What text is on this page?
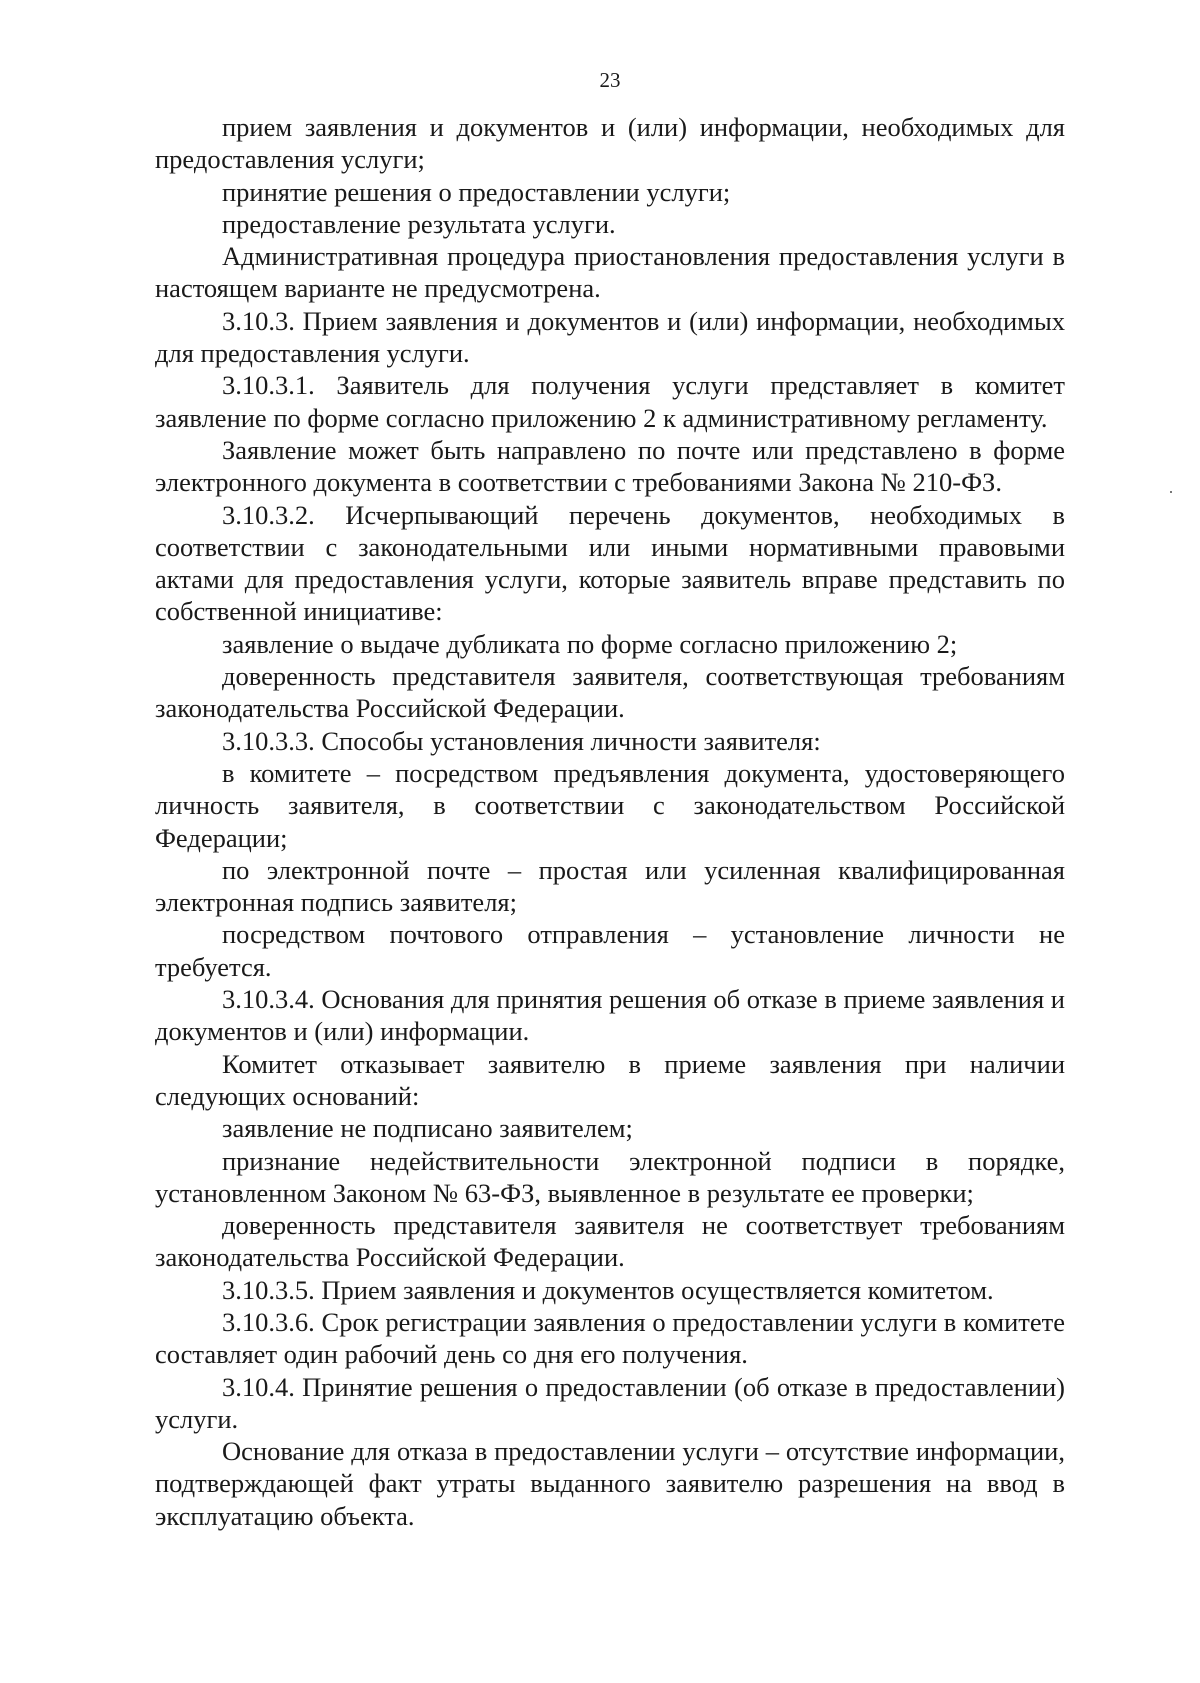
23

прием заявления и документов и (или) информации, необходимых для предоставления услуги;

принятие решения о предоставлении услуги;

предоставление результата услуги.

Административная процедура приостановления предоставления услуги в настоящем варианте не предусмотрена.

3.10.3. Прием заявления и документов и (или) информации, необходимых для предоставления услуги.

3.10.3.1. Заявитель для получения услуги представляет в комитет заявление по форме согласно приложению 2 к административному регламенту.

Заявление может быть направлено по почте или представлено в форме электронного документа в соответствии с требованиями Закона № 210-ФЗ.

3.10.3.2. Исчерпывающий перечень документов, необходимых в соответствии с законодательными или иными нормативными правовыми актами для предоставления услуги, которые заявитель вправе представить по собственной инициативе:

заявление о выдаче дубликата по форме согласно приложению 2;

доверенность представителя заявителя, соответствующая требованиям законодательства Российской Федерации.

3.10.3.3. Способы установления личности заявителя:

в комитете – посредством предъявления документа, удостоверяющего личность заявителя, в соответствии с законодательством Российской Федерации;

по электронной почте – простая или усиленная квалифицированная электронная подпись заявителя;

посредством почтового отправления – установление личности не требуется.

3.10.3.4. Основания для принятия решения об отказе в приеме заявления и документов и (или) информации.

Комитет отказывает заявителю в приеме заявления при наличии следующих оснований:

заявление не подписано заявителем;

признание недействительности электронной подписи в порядке, установленном Законом № 63-ФЗ, выявленное в результате ее проверки;

доверенность представителя заявителя не соответствует требованиям законодательства Российской Федерации.

3.10.3.5. Прием заявления и документов осуществляется комитетом.

3.10.3.6. Срок регистрации заявления о предоставлении услуги в комитете составляет один рабочий день со дня его получения.

3.10.4. Принятие решения о предоставлении (об отказе в предоставлении) услуги.

Основание для отказа в предоставлении услуги – отсутствие информации, подтверждающей факт утраты выданного заявителю разрешения на ввод в эксплуатацию объекта.
